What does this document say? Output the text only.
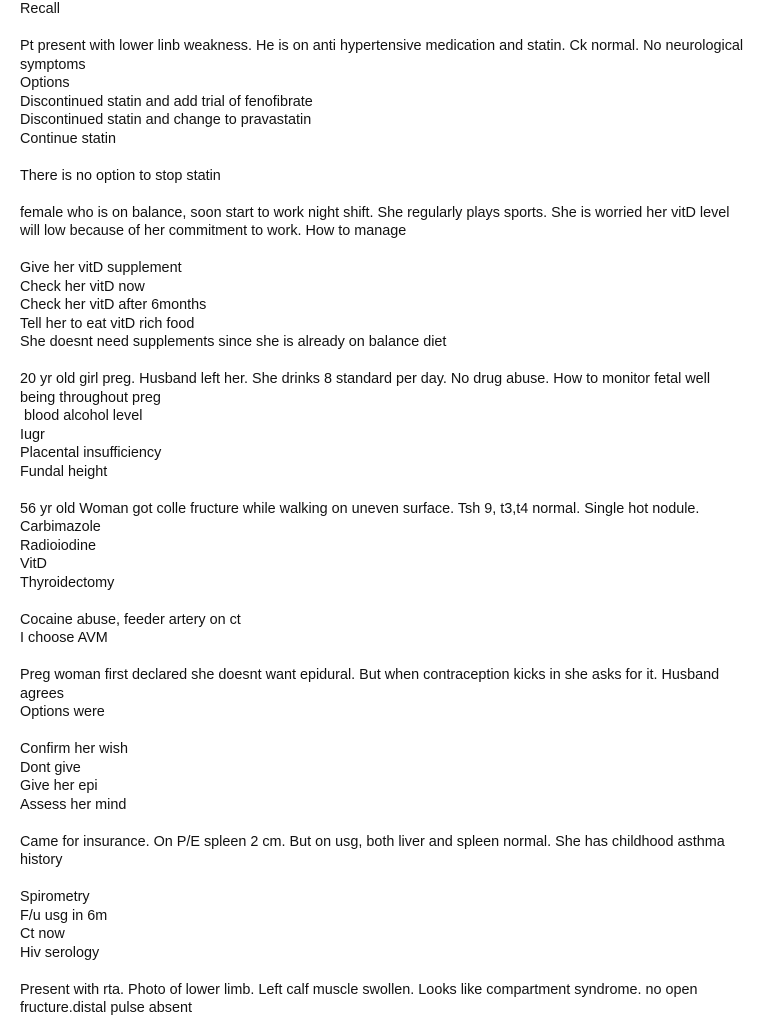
Recall
Pt present with lower linb weakness. He is on anti hypertensive medication and statin. Ck normal. No neurological symptoms
Options
Discontinued statin and add trial of fenofibrate
Discontinued statin and change to pravastatin
Continue statin
There is no option to stop statin
female who is on balance, soon start to work night shift. She regularly plays sports. She is worried her vitD level will low because of her commitment to work. How to manage
Give her vitD supplement
Check her vitD now
Check her vitD after 6months
Tell her to eat vitD rich food
She doesnt need supplements since she is already on balance diet
20 yr old girl preg. Husband left her. She drinks 8 standard per day. No drug abuse. How to monitor fetal well being throughout preg
blood alcohol level
Iugr
Placental insufficiency
Fundal height
56 yr old Woman got colle fructure while walking on uneven surface. Tsh 9, t3,t4 normal. Single hot nodule.
Carbimazole
Radioiodine
VitD
Thyroidectomy
Cocaine abuse, feeder artery on ct
I choose AVM
Preg woman first declared she doesnt want epidural. But when contraception kicks in she asks for it. Husband agrees
Options were
Confirm her wish
Dont give
Give her epi
Assess her mind
Came for insurance. On P/E spleen 2 cm. But on usg, both liver and spleen normal. She has childhood asthma history
Spirometry
F/u usg in 6m
Ct now
Hiv serology
Present with rta. Photo of lower limb. Left calf muscle swollen. Looks like compartment syndrome. no open fructure.distal pulse absent
